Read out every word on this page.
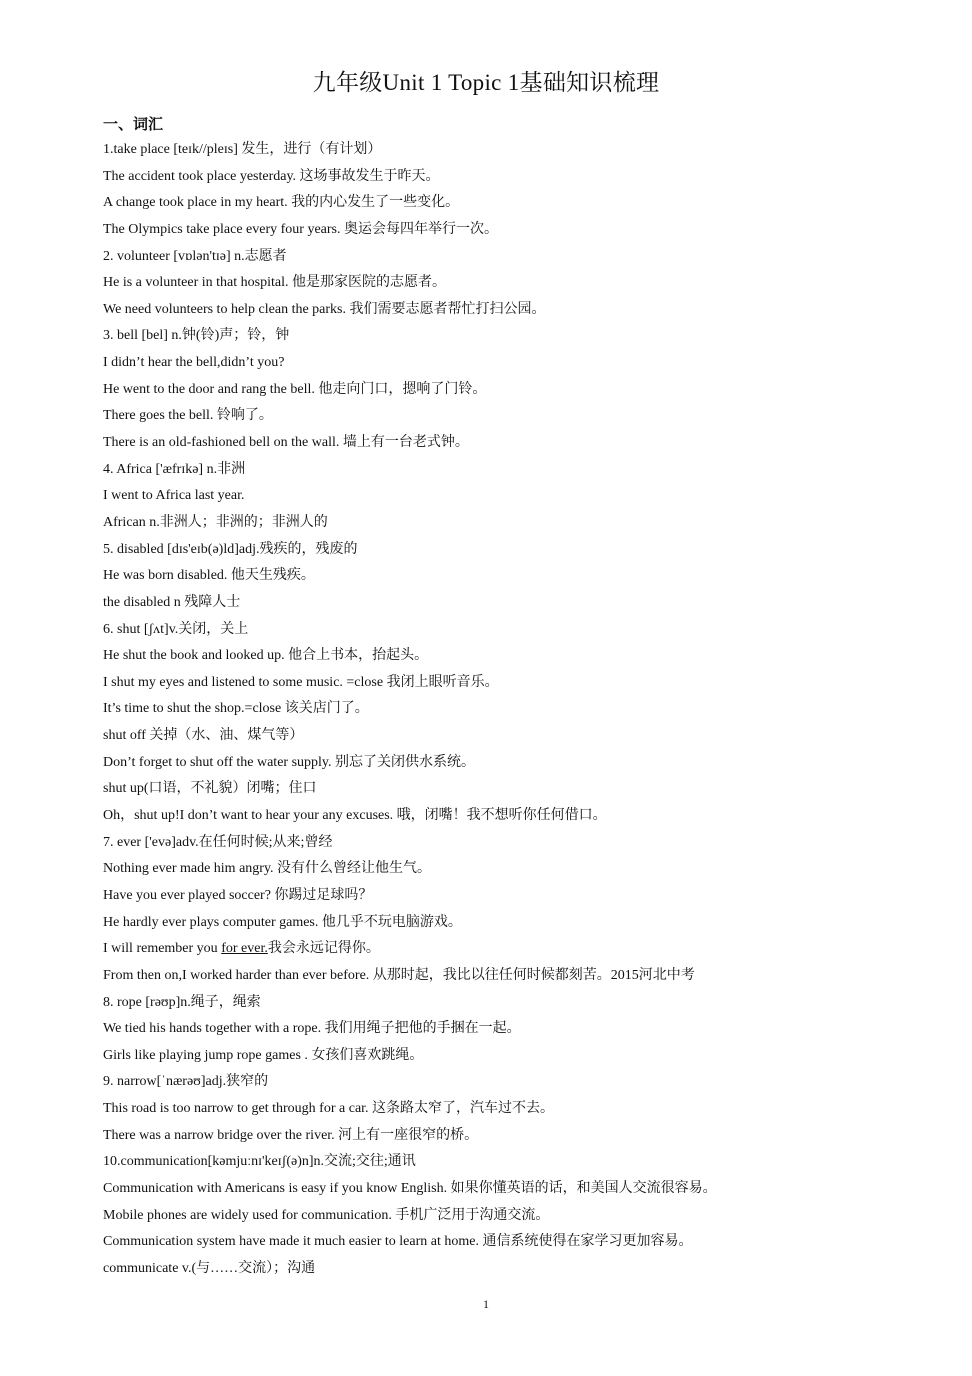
九年级Unit 1 Topic 1基础知识梳理
一、词汇
1.take place [teɪk//pleɪs] 发生，进行（有计划）
The accident took place yesterday. 这场事故发生于昨天。
A change took place in my heart. 我的内心发生了一些变化。
The Olympics take place every four years. 奥运会每四年举行一次。
2. volunteer [vɒlən'tɪə] n.志愿者
He is a volunteer in that hospital. 他是那家医院的志愿者。
We need volunteers to help clean the parks. 我们需要志愿者帮忙打扫公园。
3. bell [bel] n.钟(铃)声；铃，钟
I didn’t hear the bell,didn’t you?
He went to the door and rang the bell. 他走向门口，摁响了门铃。
There goes the bell. 铃响了。
There is an old-fashioned bell on the wall. 墙上有一台老式钟。
4. Africa ['æfrɪkə] n.非洲
I went to Africa last year.
African n.非洲人；非洲的；非洲人的
5. disabled [dɪs'eɪb(ə)ld]adj.残疾的，残废的
He was born disabled. 他天生残疾。
the disabled n 残障人士
6. shut [ʃʌt]v.关闭，关上
He shut the book and looked up. 他合上书本，抬起头。
I shut my eyes and listened to some music. =close 我闭上眼听音乐。
It’s time to shut the shop.=close 该关店门了。
shut off 关掉（水、油、煤气等）
Don’t forget to shut off the water supply. 别忘了关闭供水系统。
shut up(口语，不礼貌）闭嘴；住口
Oh，shut up!I don’t want to hear your any excuses. 哦，闭嘴！我不想听你任何借口。
7. ever ['evə]adv.在任何时候;从来;曾经
Nothing ever made him angry. 没有什么曾经让他生气。
Have you ever played soccer? 你踢过足球吗？
He hardly ever plays computer games. 他几乎不玩电脑游戏。
I will remember you for ever.我会永远记得你。
From then on,I worked harder than ever before. 从那时起，我比以往任何时候都刻苦。2015河北中考
8. rope [rəʊp]n.绳子，绳索
We tied his hands together with a rope. 我们用绳子把他的手捆在一起。
Girls like playing jump rope games . 女孩们喜欢跳绳。
9. narrow[ˈnærəʊ]adj.狭窄的
This road is too narrow to get through for a car. 这条路太窄了，汽车过不去。
There was a narrow bridge over the river. 河上有一座很窄的桥。
10.communication[kəmjuːnɪ'keɪʃ(ə)n]n.交流;交往;通讯
Communication with Americans is easy if you know English. 如果你懂英语的话，和美国人交流很容易。
Mobile phones are widely used for communication. 手机广泛用于沟通交流。
Communication system have made it much easier to learn at home. 通信系统使得在家学习更加容易。
communicate v.(与……交流）；沟通
1
